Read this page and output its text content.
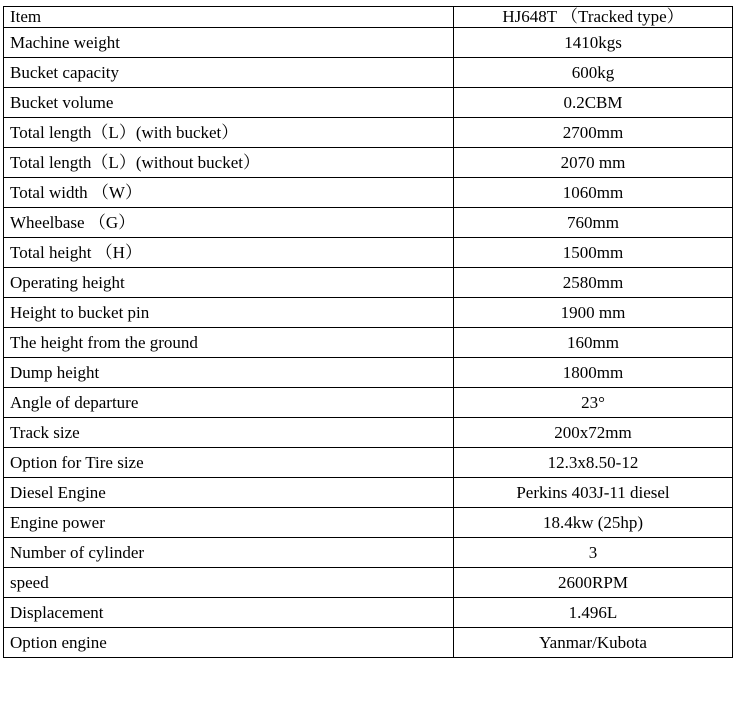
Item	HJ648T （Tracked type）
Machine weight	1410kgs
Bucket capacity	600kg
Bucket volume	0.2CBM
Total length（L）(with bucket）	2700mm
Total length（L）(without bucket）	2070 mm
Total width （W）	1060mm
Wheelbase （G）	760mm
Total height （H）	1500mm
Operating height	2580mm
Height to bucket pin	1900 mm
The height from the ground	160mm
Dump height	1800mm
Angle of departure	23°
Track size	200x72mm
Option for Tire size	12.3x8.50-12
Diesel Engine	Perkins 403J-11 diesel
Engine power	18.4kw (25hp)
Number of cylinder	3
speed	2600RPM
Displacement	1.496L
Option engine	Yanmar/Kubota
